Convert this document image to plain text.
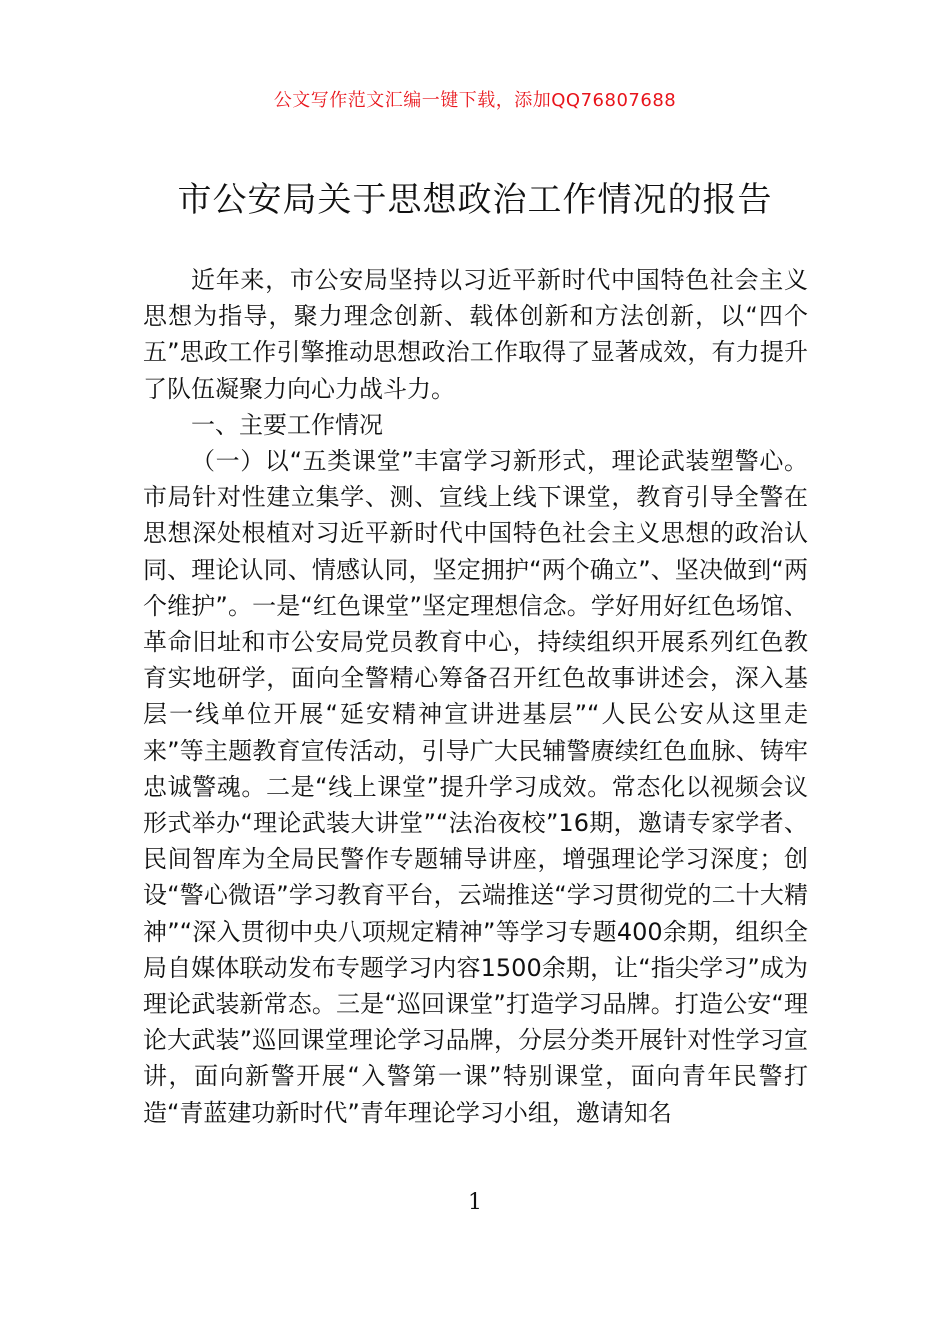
公文写作范文汇编一键下载，添加QQ76807688
市公安局关于思想政治工作情况的报告

近年来，市公安局坚持以习近平新时代中国特色社会主义思想为指导，聚力理念创新、载体创新和方法创新，以“四个五”思政工作引擎推动思想政治工作取得了显著成效，有力提升了队伍凝聚力向心力战斗力。

一、主要工作情况

（一）以“五类课堂”丰富学习新形式，理论武装塑警心。市局针对性建立集学、测、宣线上线下课堂，教育引导全警在思想深处根植对习近平新时代中国特色社会主义思想的政治认同、理论认同、情感认同，坚定拥护“两个确立”、坚决做到“两个维护”。一是“红色课堂”坚定理想信念。学好用好红色场馆、革命旧址和市公安局党员教育中心，持续组织开展系列红色教育实地研学，面向全警精心筹备召开红色故事讲述会，深入基层一线单位开展“延安精神宣讲进基层”“人民公安从这里走来”等主题教育宣传活动，引导广大民辅警赓续红色血脉、铸牢忠诚警魂。二是“线上课堂”提升学习成效。常态化以视频会议形式举办“理论武装大讲堂”“法治夜校”16期，邀请专家学者、民间智库为全局民警作专题辅导讲座，增强理论学习深度；创设“警心微语”学习教育平台，云端推送“学习贯彻党的二十大精神”“深入贯彻中央八项规定精神”等学习专题400余期，组织全局自媒体联动发布专题学习内容1500余期，让“指尖学习”成为理论武装新常态。三是“巡回课堂”打造学习品牌。打造公安“理论大武装”巡回课堂理论学习品牌，分层分类开展针对性学习宣讲，面向新警开展“入警第一课”特别课堂，面向青年民警打造“青蓝建功新时代”青年理论学习小组，邀请知名

1
